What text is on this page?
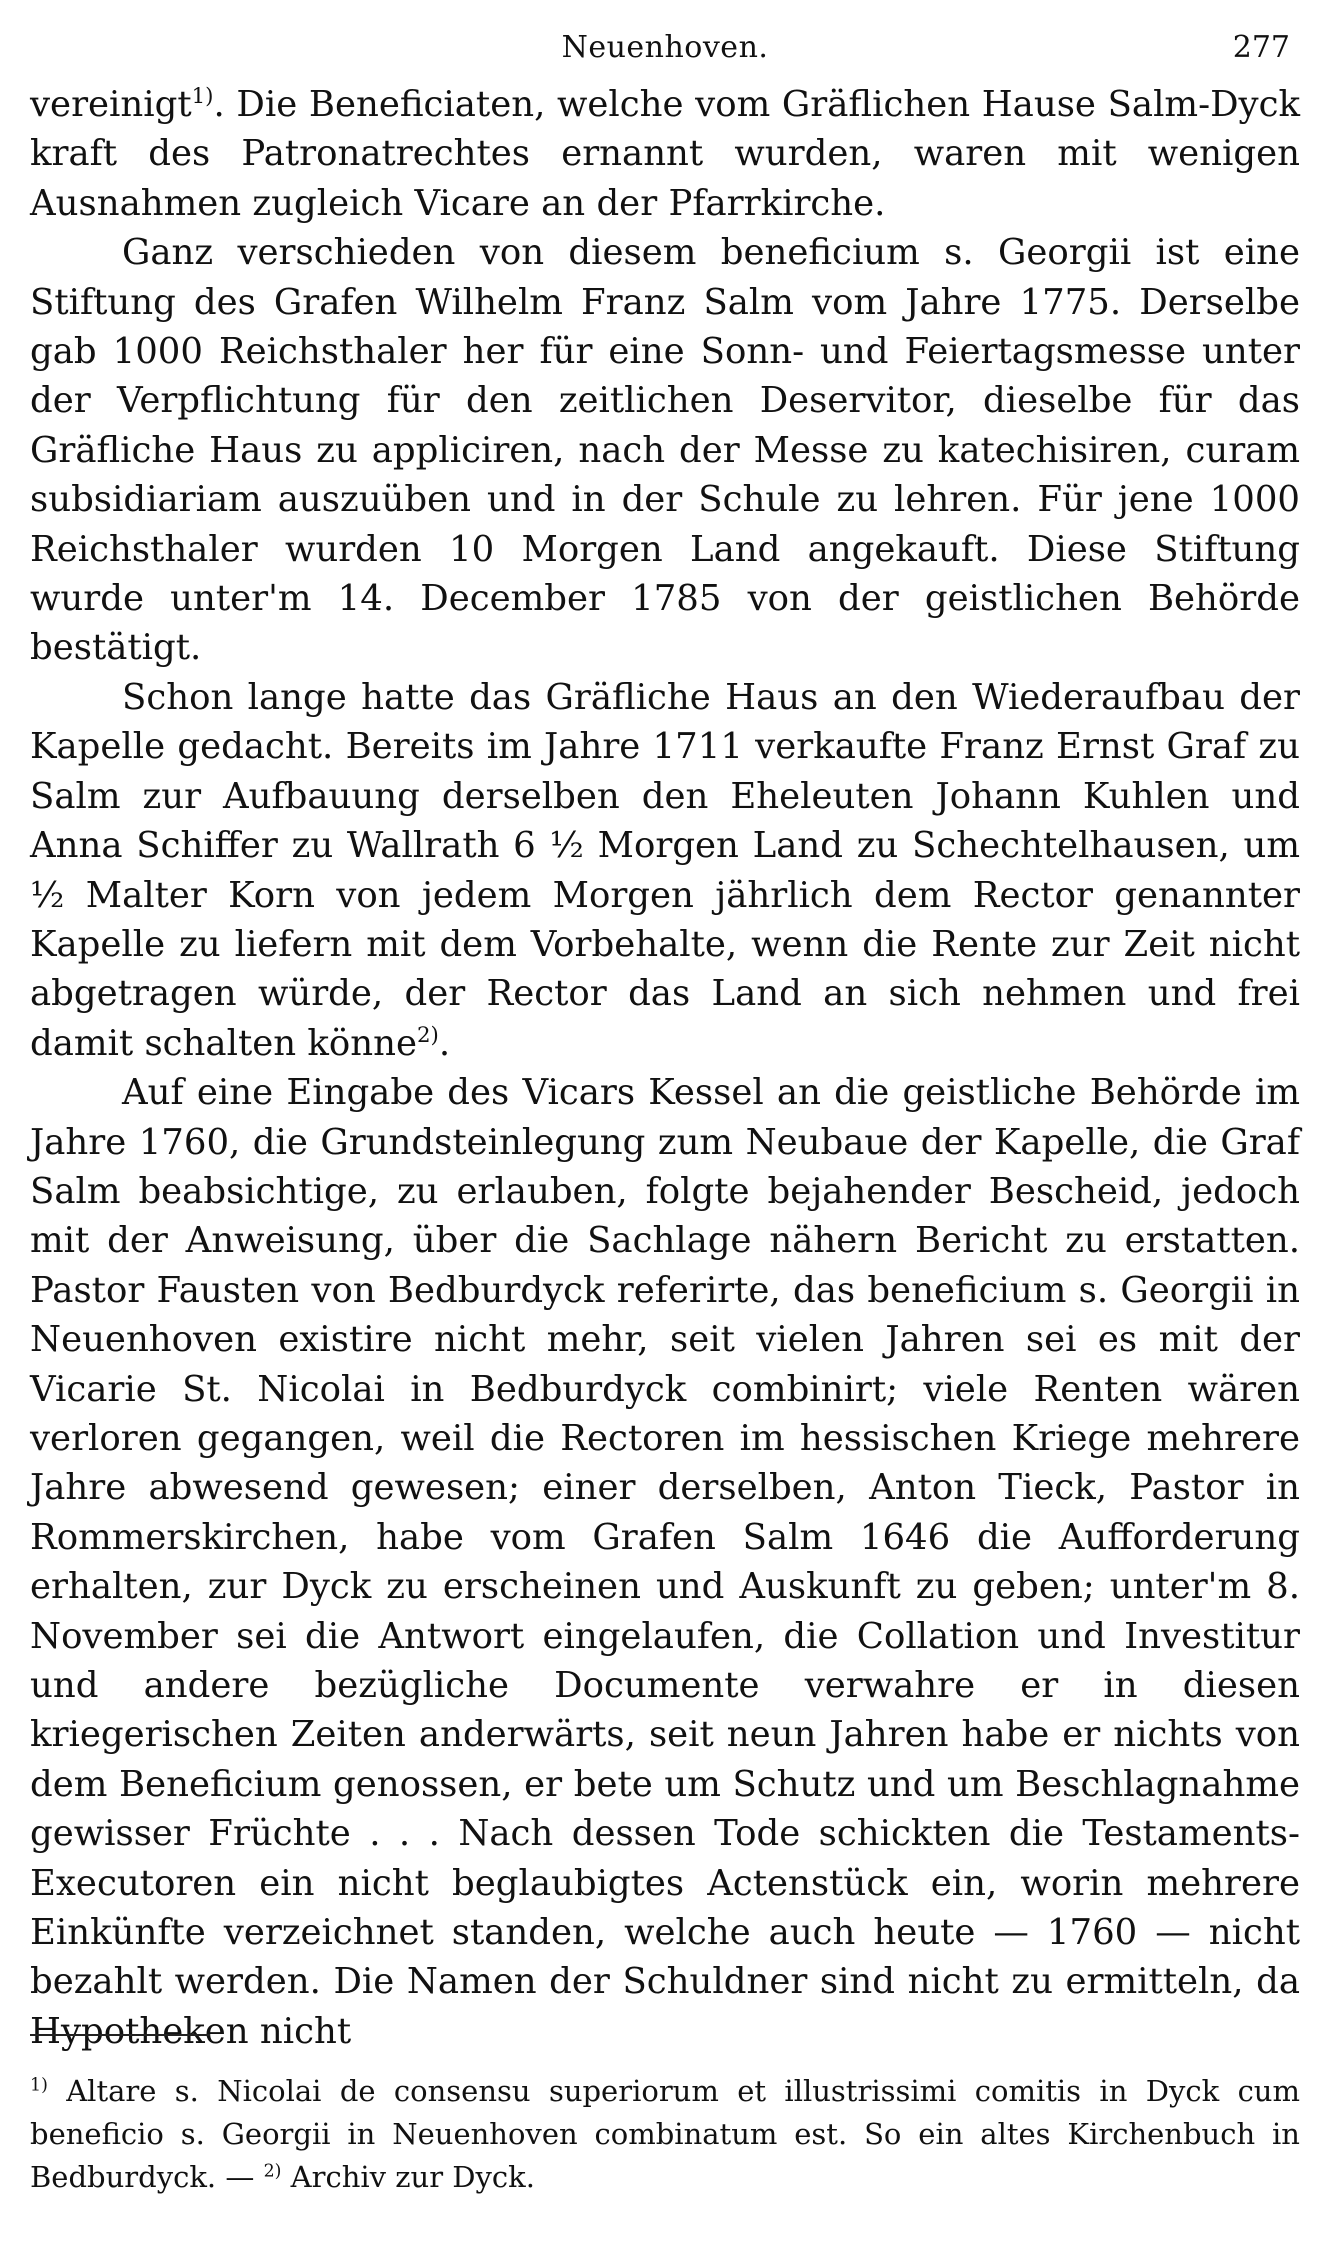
Neuenhoven.	277

vereinigt$^{1)}$. Die Beneficiaten, welche vom Gräflichen Hause Salm-Dyck kraft des Patronatrechtes ernannt wurden, waren mit wenigen Ausnahmen zugleich Vicare an der Pfarrkirche.

Ganz verschieden von diesem beneficium s. Georgii ist eine Stiftung des Grafen Wilhelm Franz Salm vom Jahre 1775. Derselbe gab 1000 Reichsthaler her für eine Sonn- und Feiertagsmesse unter der Verpflichtung für den zeitlichen Deservitor, dieselbe für das Gräfliche Haus zu appliciren, nach der Messe zu katechisiren, curam subsidiariam auszuüben und in der Schule zu lehren. Für jene 1000 Reichsthaler wurden 10 Morgen Land angekauft. Diese Stiftung wurde unter'm 14. December 1785 von der geistlichen Behörde bestätigt.

Schon lange hatte das Gräfliche Haus an den Wiederaufbau der Kapelle gedacht. Bereits im Jahre 1711 verkaufte Franz Ernst Graf zu Salm zur Aufbauung derselben den Eheleuten Johann Kuhlen und Anna Schiffer zu Wallrath 6 ½ Morgen Land zu Schechtelhausen, um ½ Malter Korn von jedem Morgen jährlich dem Rector genannter Kapelle zu liefern mit dem Vorbehalte, wenn die Rente zur Zeit nicht abgetragen würde, der Rector das Land an sich nehmen und frei damit schalten könne$^{2)}$.

Auf eine Eingabe des Vicars Kessel an die geistliche Behörde im Jahre 1760, die Grundsteinlegung zum Neubaue der Kapelle, die Graf Salm beabsichtige, zu erlauben, folgte bejahender Bescheid, jedoch mit der Anweisung, über die Sachlage nähern Bericht zu erstatten. Pastor Fausten von Bedburdyck referirte, das beneficium s. Georgii in Neuenhoven existire nicht mehr, seit vielen Jahren sei es mit der Vicarie St. Nicolai in Bedburdyck combinirt; viele Renten wären verloren gegangen, weil die Rectoren im hessischen Kriege mehrere Jahre abwesend gewesen; einer derselben, Anton Tieck, Pastor in Rommerskirchen, habe vom Grafen Salm 1646 die Aufforderung erhalten, zur Dyck zu erscheinen und Auskunft zu geben; unter'm 8. November sei die Antwort eingelaufen, die Collation und Investitur und andere bezügliche Documente verwahre er in diesen kriegerischen Zeiten anderwärts, seit neun Jahren habe er nichts von dem Beneficium genossen, er bete um Schutz und um Beschlagnahme gewisser Früchte . . . Nach dessen Tode schickten die Testaments-Executoren ein nicht beglaubigtes Actenstück ein, worin mehrere Einkünfte verzeichnet standen, welche auch heute — 1760 — nicht bezahlt werden. Die Namen der Schuldner sind nicht zu ermitteln, da Hypotheken nicht

$^{1)}$ Altare s. Nicolai de consensu superiorum et illustrissimi comitis in Dyck cum beneficio s. Georgii in Neuenhoven combinatum est. So ein altes Kirchenbuch in Bedburdyck. — $^{2)}$ Archiv zur Dyck.
